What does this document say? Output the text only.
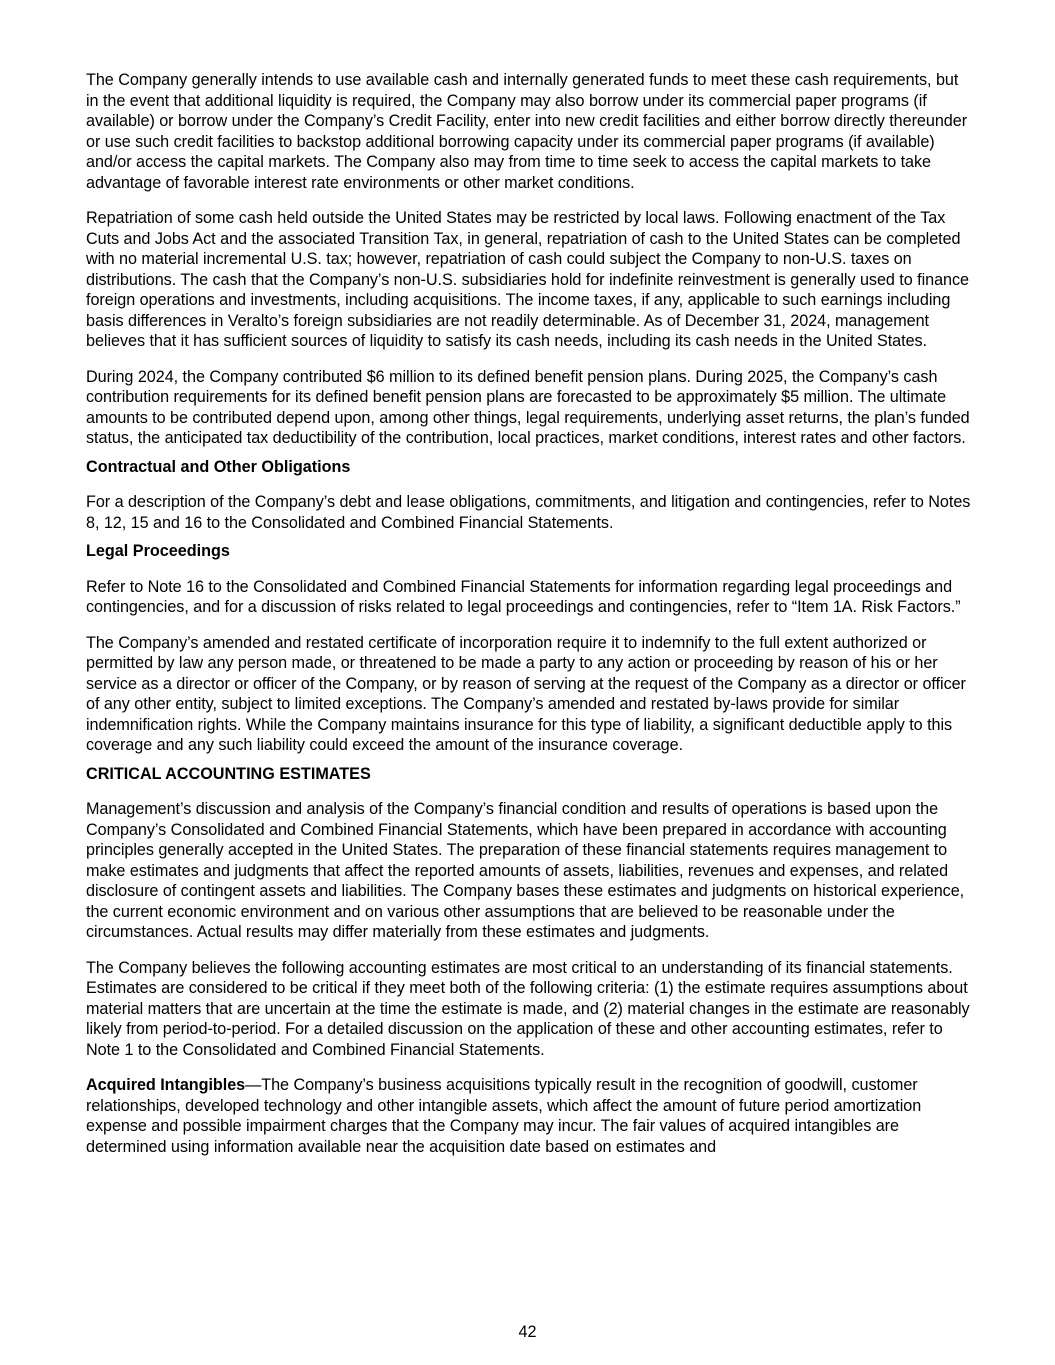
The Company generally intends to use available cash and internally generated funds to meet these cash requirements, but in the event that additional liquidity is required, the Company may also borrow under its commercial paper programs (if available) or borrow under the Company’s Credit Facility, enter into new credit facilities and either borrow directly thereunder or use such credit facilities to backstop additional borrowing capacity under its commercial paper programs (if available) and/or access the capital markets. The Company also may from time to time seek to access the capital markets to take advantage of favorable interest rate environments or other market conditions.

Repatriation of some cash held outside the United States may be restricted by local laws. Following enactment of the Tax Cuts and Jobs Act and the associated Transition Tax, in general, repatriation of cash to the United States can be completed with no material incremental U.S. tax; however, repatriation of cash could subject the Company to non-U.S. taxes on distributions. The cash that the Company’s non-U.S. subsidiaries hold for indefinite reinvestment is generally used to finance foreign operations and investments, including acquisitions. The income taxes, if any, applicable to such earnings including basis differences in Veralto’s foreign subsidiaries are not readily determinable. As of December 31, 2024, management believes that it has sufficient sources of liquidity to satisfy its cash needs, including its cash needs in the United States.

During 2024, the Company contributed $6 million to its defined benefit pension plans. During 2025, the Company’s cash contribution requirements for its defined benefit pension plans are forecasted to be approximately $5 million. The ultimate amounts to be contributed depend upon, among other things, legal requirements, underlying asset returns, the plan’s funded status, the anticipated tax deductibility of the contribution, local practices, market conditions, interest rates and other factors.

Contractual and Other Obligations

For a description of the Company’s debt and lease obligations, commitments, and litigation and contingencies, refer to Notes 8, 12, 15 and 16 to the Consolidated and Combined Financial Statements.

Legal Proceedings

Refer to Note 16 to the Consolidated and Combined Financial Statements for information regarding legal proceedings and contingencies, and for a discussion of risks related to legal proceedings and contingencies, refer to “Item 1A. Risk Factors.”

The Company’s amended and restated certificate of incorporation require it to indemnify to the full extent authorized or permitted by law any person made, or threatened to be made a party to any action or proceeding by reason of his or her service as a director or officer of the Company, or by reason of serving at the request of the Company as a director or officer of any other entity, subject to limited exceptions. The Company’s amended and restated by-laws provide for similar indemnification rights. While the Company maintains insurance for this type of liability, a significant deductible apply to this coverage and any such liability could exceed the amount of the insurance coverage.

CRITICAL ACCOUNTING ESTIMATES

Management’s discussion and analysis of the Company’s financial condition and results of operations is based upon the Company’s Consolidated and Combined Financial Statements, which have been prepared in accordance with accounting principles generally accepted in the United States. The preparation of these financial statements requires management to make estimates and judgments that affect the reported amounts of assets, liabilities, revenues and expenses, and related disclosure of contingent assets and liabilities. The Company bases these estimates and judgments on historical experience, the current economic environment and on various other assumptions that are believed to be reasonable under the circumstances. Actual results may differ materially from these estimates and judgments.

The Company believes the following accounting estimates are most critical to an understanding of its financial statements. Estimates are considered to be critical if they meet both of the following criteria: (1) the estimate requires assumptions about material matters that are uncertain at the time the estimate is made, and (2) material changes in the estimate are reasonably likely from period-to-period. For a detailed discussion on the application of these and other accounting estimates, refer to Note 1 to the Consolidated and Combined Financial Statements.

Acquired Intangibles—The Company’s business acquisitions typically result in the recognition of goodwill, customer relationships, developed technology and other intangible assets, which affect the amount of future period amortization expense and possible impairment charges that the Company may incur. The fair values of acquired intangibles are determined using information available near the acquisition date based on estimates and

42
